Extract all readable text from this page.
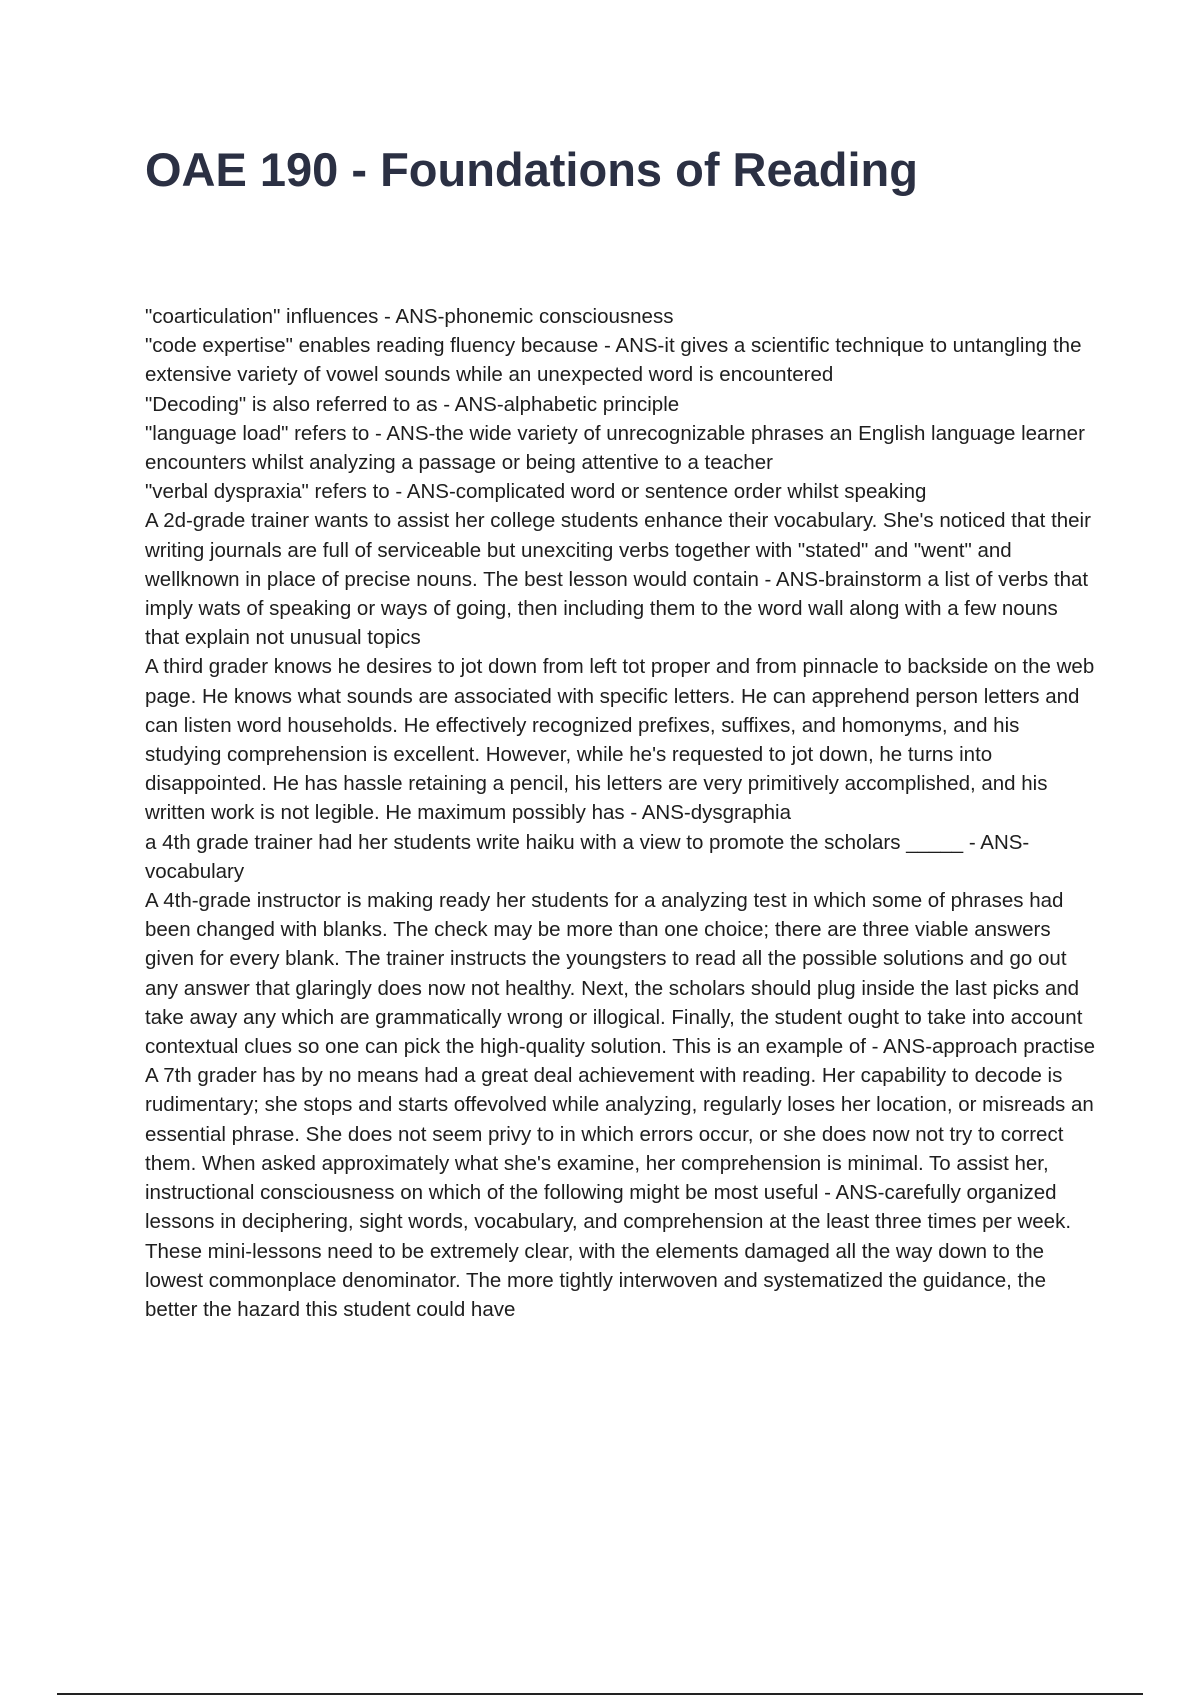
OAE 190 - Foundations of Reading
"coarticulation" influences - ANS-phonemic consciousness
"code expertise" enables reading fluency because - ANS-it gives a scientific technique to untangling the extensive variety of vowel sounds while an unexpected word is encountered
"Decoding" is also referred to as - ANS-alphabetic principle
"language load" refers to - ANS-the wide variety of unrecognizable phrases an English language learner encounters whilst analyzing a passage or being attentive to a teacher
"verbal dyspraxia" refers to - ANS-complicated word or sentence order whilst speaking
A 2d-grade trainer wants to assist her college students enhance their vocabulary. She's noticed that their writing journals are full of serviceable but unexciting verbs together with "stated" and "went" and wellknown in place of precise nouns. The best lesson would contain - ANS-brainstorm a list of verbs that imply wats of speaking or ways of going, then including them to the word wall along with a few nouns that explain not unusual topics
A third grader knows he desires to jot down from left tot proper and from pinnacle to backside on the web page. He knows what sounds are associated with specific letters. He can apprehend person letters and can listen word households. He effectively recognized prefixes, suffixes, and homonyms, and his studying comprehension is excellent. However, while he's requested to jot down, he turns into disappointed. He has hassle retaining a pencil, his letters are very primitively accomplished, and his written work is not legible. He maximum possibly has - ANS-dysgraphia
a 4th grade trainer had her students write haiku with a view to promote the scholars _____ - ANS-vocabulary
A 4th-grade instructor is making ready her students for a analyzing test in which some of phrases had been changed with blanks. The check may be more than one choice; there are three viable answers given for every blank. The trainer instructs the youngsters to read all the possible solutions and go out any answer that glaringly does now not healthy. Next, the scholars should plug inside the last picks and take away any which are grammatically wrong or illogical. Finally, the student ought to take into account contextual clues so one can pick the high-quality solution. This is an example of - ANS-approach practise
A 7th grader has by no means had a great deal achievement with reading. Her capability to decode is rudimentary; she stops and starts offevolved while analyzing, regularly loses her location, or misreads an essential phrase. She does not seem privy to in which errors occur, or she does now not try to correct them. When asked approximately what she's examine, her comprehension is minimal. To assist her, instructional consciousness on which of the following might be most useful - ANS-carefully organized lessons in deciphering, sight words, vocabulary, and comprehension at the least three times per week. These mini-lessons need to be extremely clear, with the elements damaged all the way down to the lowest commonplace denominator. The more tightly interwoven and systematized the guidance, the better the hazard this student could have
